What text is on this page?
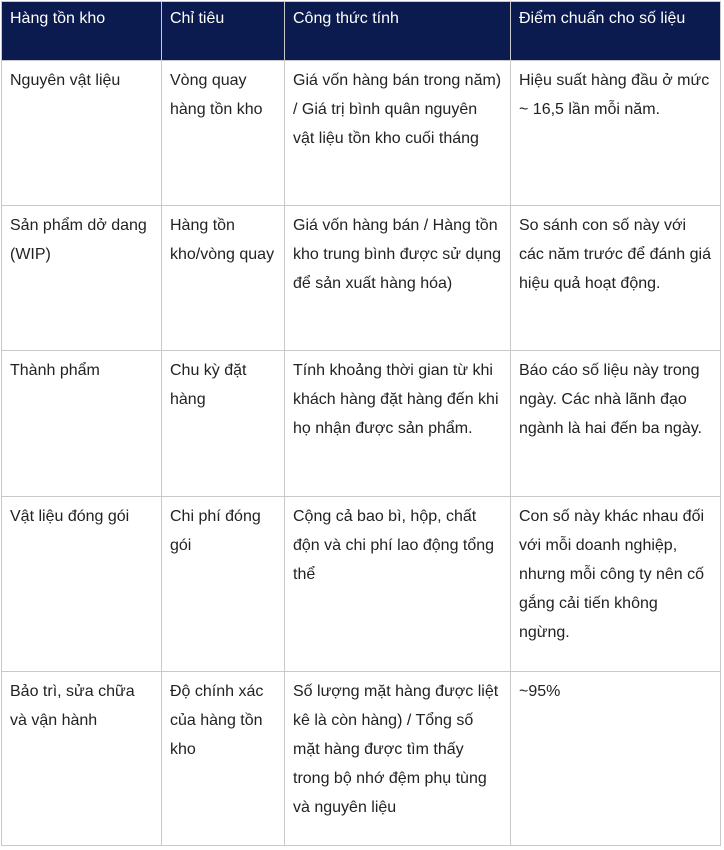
Hàng tồn kho	Chỉ tiêu	Công thức tính	Điểm chuẩn cho số liệu
Nguyên vật liệu	Vòng quay hàng tồn kho	Giá vốn hàng bán trong năm) / Giá trị bình quân nguyên vật liệu tồn kho cuối tháng	Hiệu suất hàng đầu ở mức ~ 16,5 lần mỗi năm.
Sản phẩm dở dang (WIP)	Hàng tồn kho/vòng quay	Giá vốn hàng bán / Hàng tồn kho trung bình được sử dụng để sản xuất hàng hóa)	So sánh con số này với các năm trước để đánh giá hiệu quả hoạt động.
Thành phẩm	Chu kỳ đặt hàng	Tính khoảng thời gian từ khi khách hàng đặt hàng đến khi họ nhận được sản phẩm.	Báo cáo số liệu này trong ngày. Các nhà lãnh đạo ngành là hai đến ba ngày.
Vật liệu đóng gói	Chi phí đóng gói	Cộng cả bao bì, hộp, chất độn và chi phí lao động tổng thể	Con số này khác nhau đối với mỗi doanh nghiệp, nhưng mỗi công ty nên cố gắng cải tiến không ngừng.
Bảo trì, sửa chữa và vận hành	Độ chính xác của hàng tồn kho	Số lượng mặt hàng được liệt kê là còn hàng) / Tổng số mặt hàng được tìm thấy trong bộ nhớ đệm phụ tùng và nguyên liệu	~95%
